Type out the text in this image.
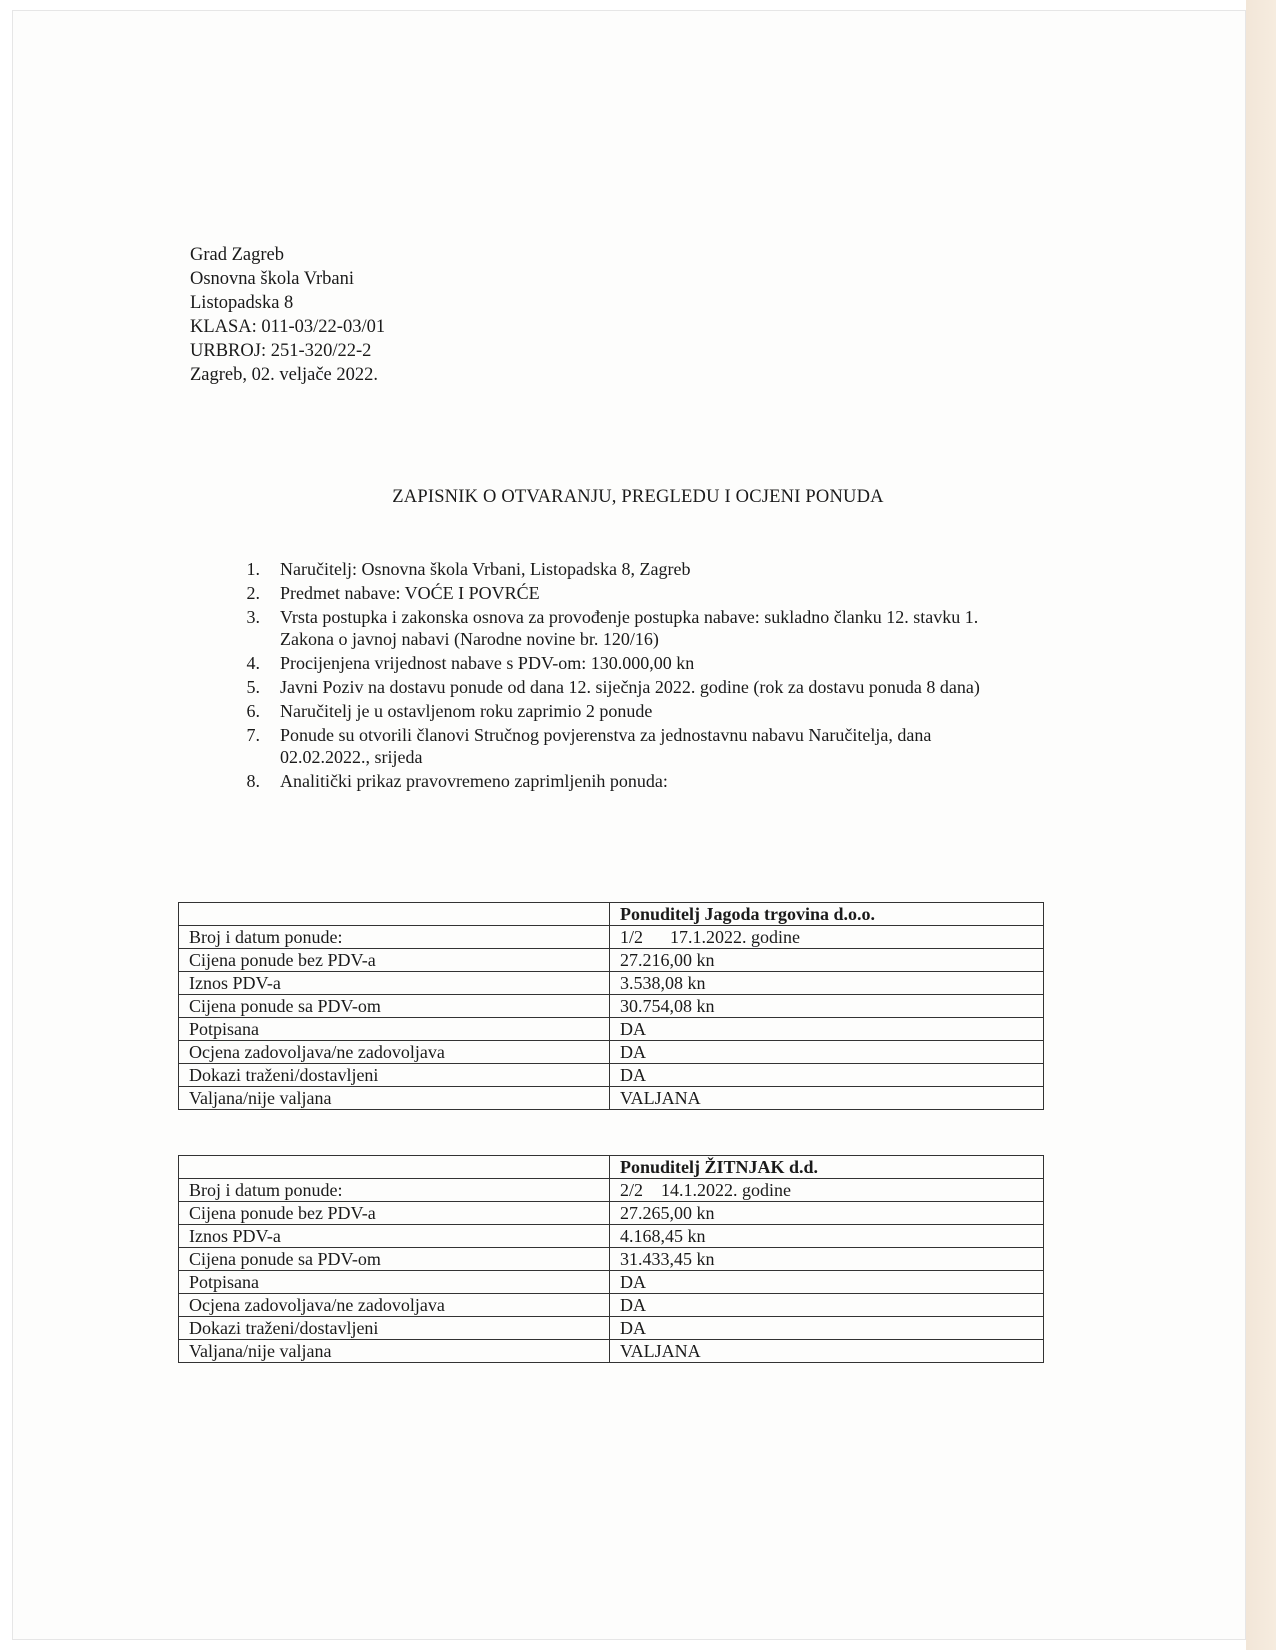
Grad Zagreb
Osnovna škola Vrbani
Listopadska 8
KLASA: 011-03/22-03/01
URBROJ: 251-320/22-2
Zagreb, 02. veljače 2022.
ZAPISNIK O OTVARANJU, PREGLEDU I OCJENI PONUDA
1.	Naručitelj: Osnovna škola Vrbani, Listopadska 8, Zagreb
2.	Predmet nabave: VOĆE I POVRĆE
3.	Vrsta postupka i zakonska osnova za provođenje postupka nabave: sukladno članku 12. stavku 1. Zakona o javnoj nabavi (Narodne novine br. 120/16)
4.	Procijenjena vrijednost nabave s PDV-om: 130.000,00 kn
5.	Javni Poziv na dostavu ponude od dana 12. siječnja 2022. godine (rok za dostavu ponuda 8 dana)
6.	Naručitelj je u ostavljenom roku zaprimio 2 ponude
7.	Ponude su otvorili članovi Stručnog povjerenstva za jednostavnu nabavu Naručitelja, dana 02.02.2022., srijeda
8.	Analitički prikaz pravovremeno zaprimljenih ponuda:
	Ponuditelj Jagoda trgovina d.o.o.
Broj i datum ponude:	1/2      17.1.2022. godine
Cijena ponude bez PDV-a	27.216,00 kn
Iznos PDV-a	3.538,08 kn
Cijena ponude sa PDV-om	30.754,08 kn
Potpisana	DA
Ocjena zadovoljava/ne zadovoljava	DA
Dokazi traženi/dostavljeni	DA
Valjana/nije valjana	VALJANA
	Ponuditelj ŽITNJAK d.d.
Broj i datum ponude:	2/2    14.1.2022. godine
Cijena ponude bez PDV-a	27.265,00 kn
Iznos PDV-a	4.168,45 kn
Cijena ponude sa PDV-om	31.433,45 kn
Potpisana	DA
Ocjena zadovoljava/ne zadovoljava	DA
Dokazi traženi/dostavljeni	DA
Valjana/nije valjana	VALJANA
